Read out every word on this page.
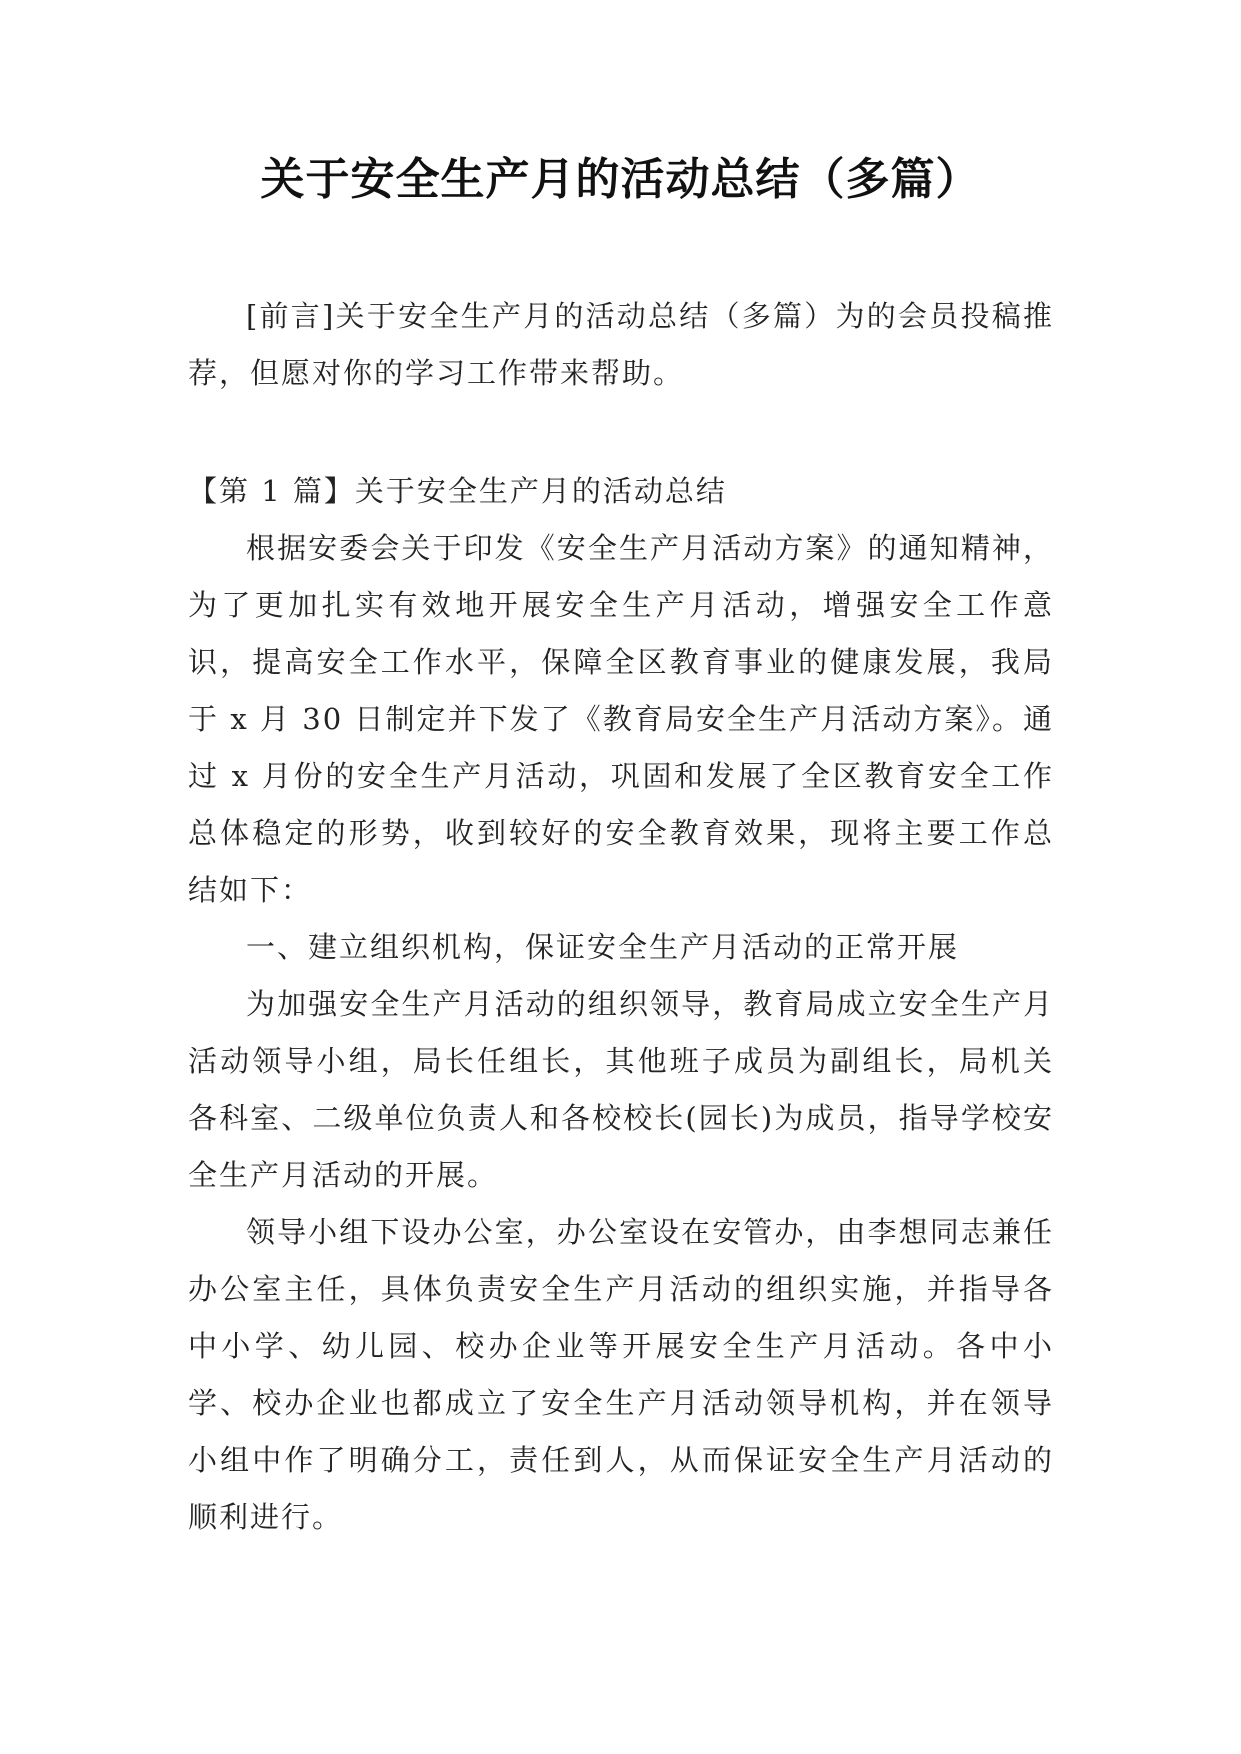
关于安全生产月的活动总结（多篇）

[前言]关于安全生产月的活动总结（多篇）为的会员投稿推荐，但愿对你的学习工作带来帮助。

【第 1 篇】关于安全生产月的活动总结

根据安委会关于印发《安全生产月活动方案》的通知精神，为了更加扎实有效地开展安全生产月活动，增强安全工作意识，提高安全工作水平，保障全区教育事业的健康发展，我局于 x 月 30 日制定并下发了《教育局安全生产月活动方案》。通过 x 月份的安全生产月活动，巩固和发展了全区教育安全工作总体稳定的形势，收到较好的安全教育效果，现将主要工作总结如下：

一、建立组织机构，保证安全生产月活动的正常开展

为加强安全生产月活动的组织领导，教育局成立安全生产月活动领导小组，局长任组长，其他班子成员为副组长，局机关各科室、二级单位负责人和各校校长(园长)为成员，指导学校安全生产月活动的开展。

领导小组下设办公室，办公室设在安管办，由李想同志兼任办公室主任，具体负责安全生产月活动的组织实施，并指导各中小学、幼儿园、校办企业等开展安全生产月活动。各中小学、校办企业也都成立了安全生产月活动领导机构，并在领导小组中作了明确分工，责任到人，从而保证安全生产月活动的顺利进行。
